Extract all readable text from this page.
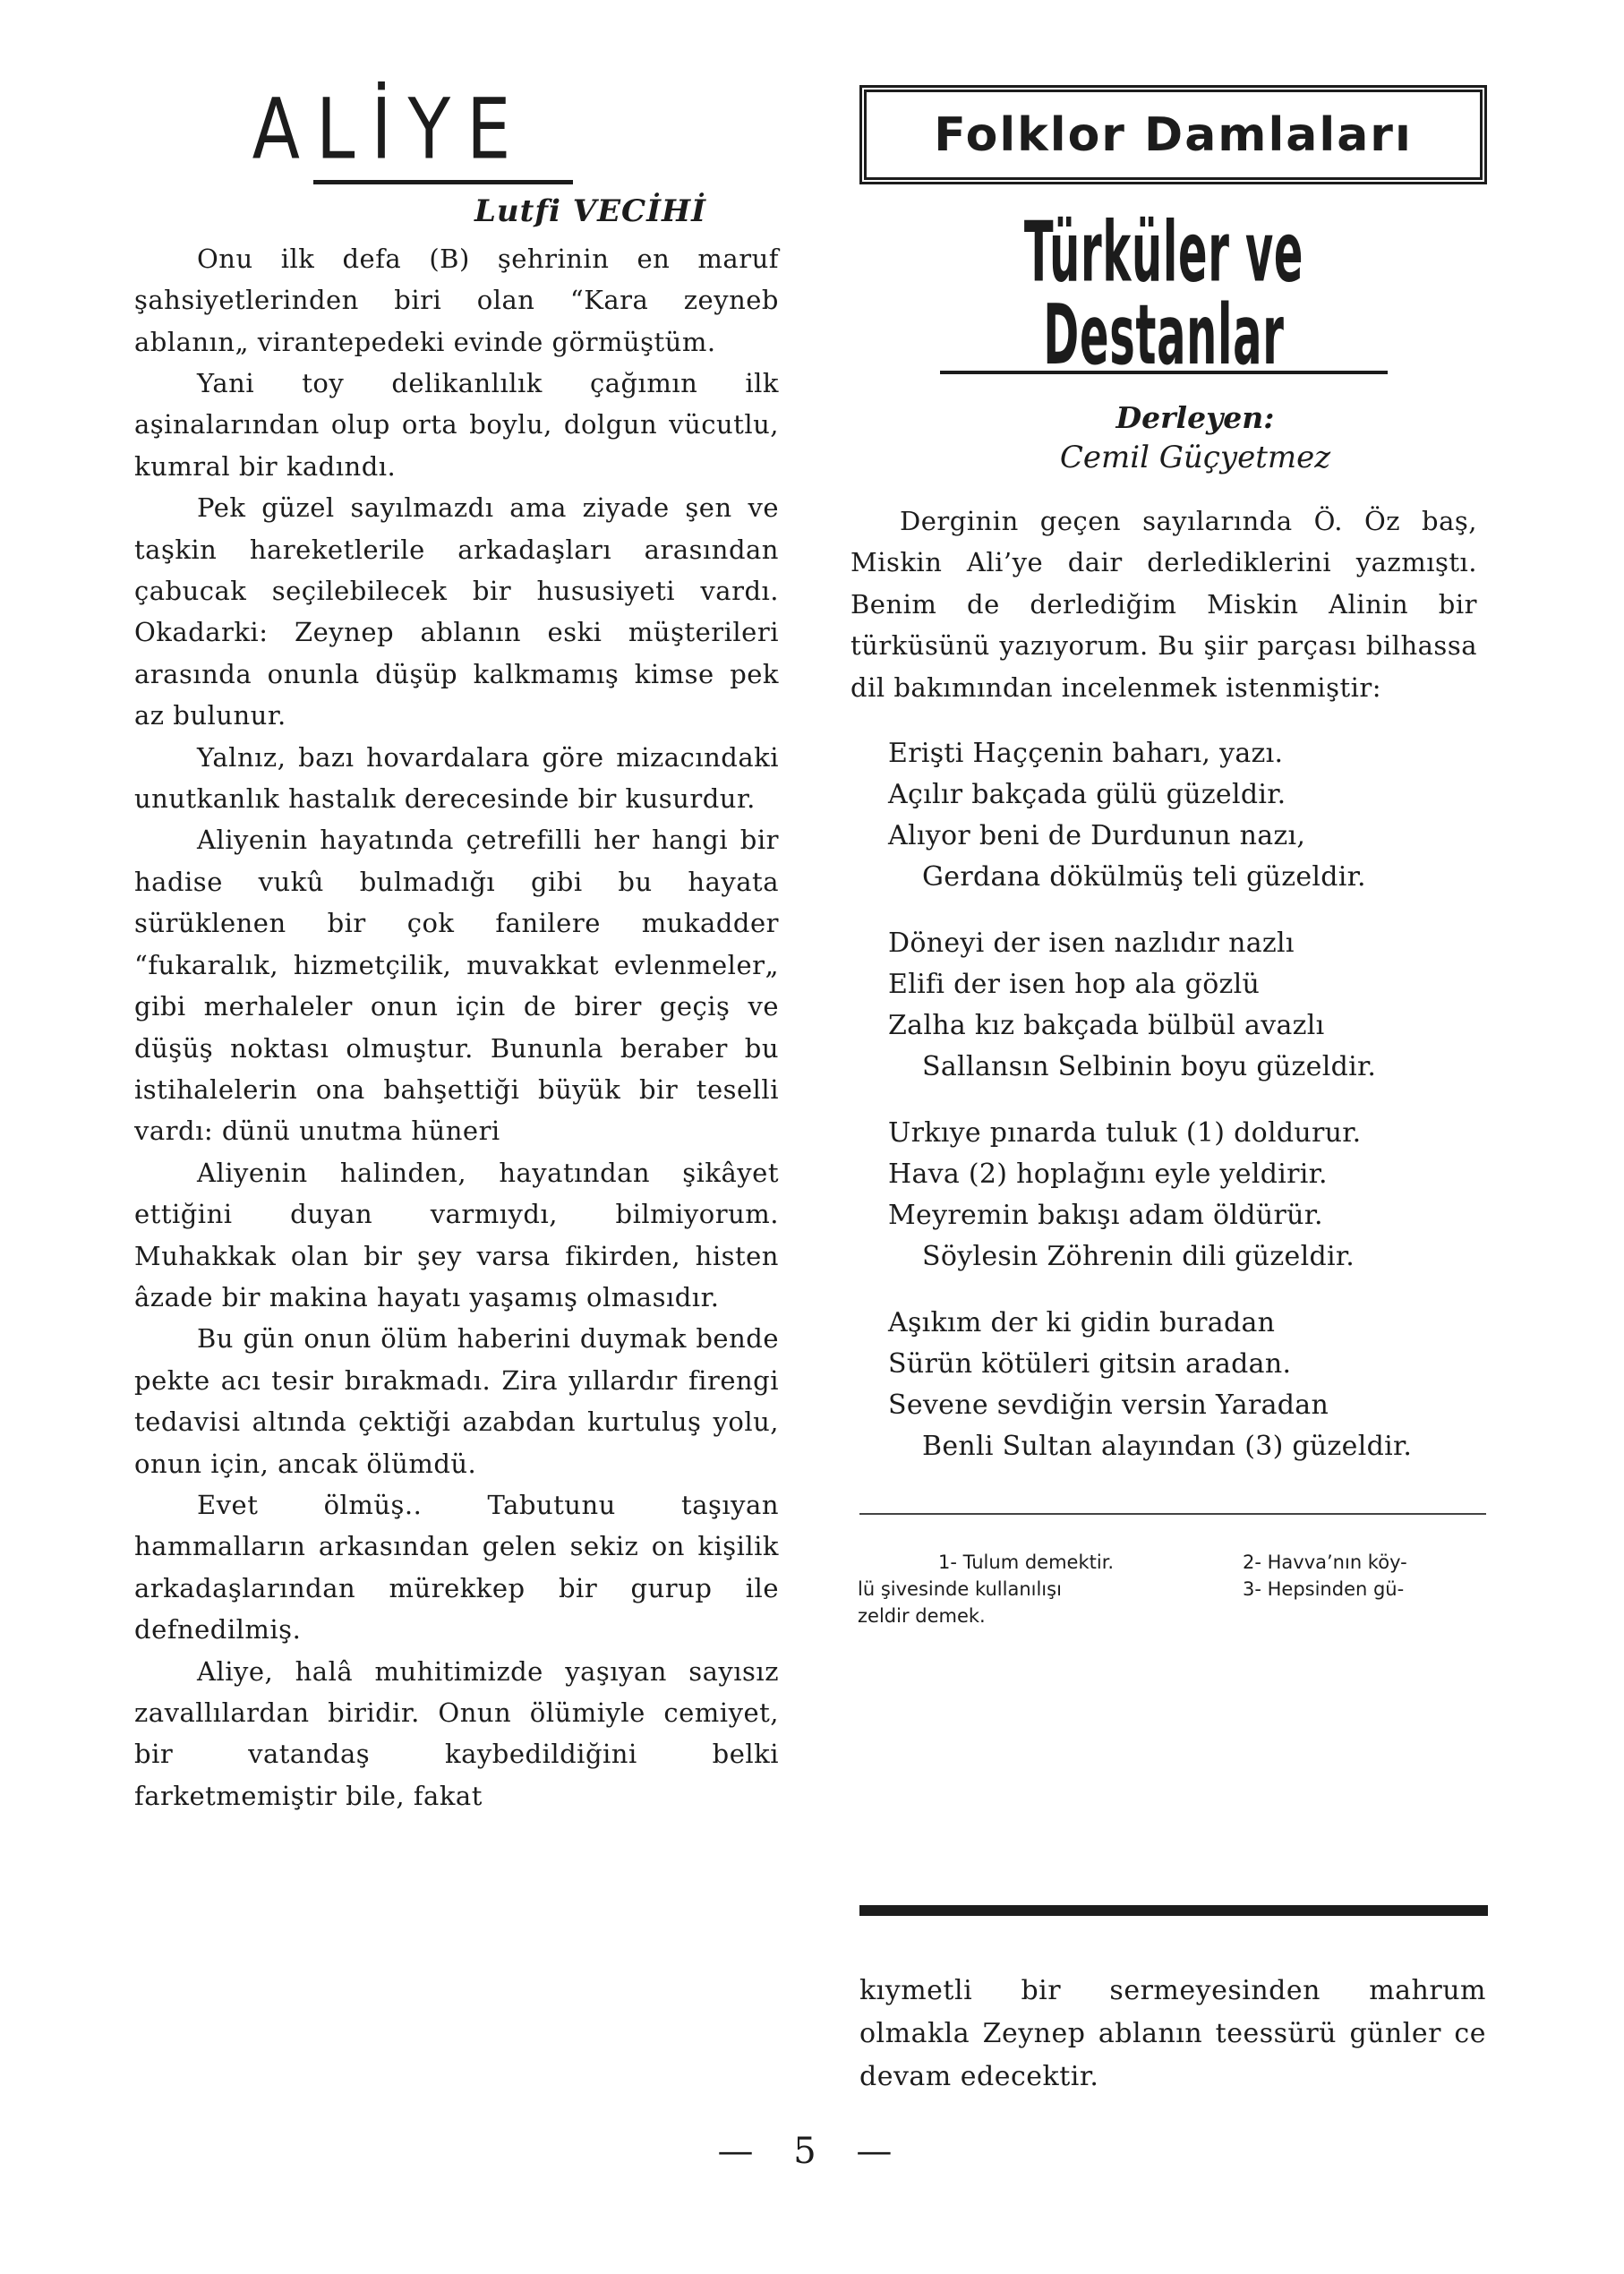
ALİYE
Lutfi VECİHİ

Onu ilk defa (B) şehrinin en maruf şahsiyetlerinden biri olan “Kara zeyneb ablanın„ virantepedeki evinde görmüştüm.

Yani toy delikanlılık çağımın ilk aşinalarından olup orta boylu, dolgun vücutlu, kumral bir kadındı.

Pek güzel sayılmazdı ama ziyade şen ve taşkin hareketlerile arkadaşları arasından çabucak seçilebilecek bir hususiyeti vardı. Okadarki: Zeynep ablanın eski müşterileri arasında onunla düşüp kalkmamış kimse pek az bulunur.

Yalnız, bazı hovardalara göre mizacındaki unutkanlık hastalık derecesinde bir kusurdur.

Aliyenin hayatında çetrefilli her hangi bir hadise vukû bulmadığı gibi bu hayata sürüklenen bir çok fanilere mukadder “fukaralık, hizmetçilik, muvakkat evlenmeler„ gibi merhaleler onun için de birer geçiş ve düşüş noktası olmuştur. Bununla beraber bu istihalelerin ona bahşettiği büyük bir teselli vardı: dünü unutma hüneri

Aliyenin halinden, hayatından şikâyet ettiğini duyan varmıydı, bilmiyorum. Muhakkak olan bir şey varsa fikirden, histen âzade bir makina hayatı yaşamış olmasıdır.

Bu gün onun ölüm haberini duymak bende pekte acı tesir bırakmadı. Zira yıllardır firengi tedavisi altında çektiği azabdan kurtuluş yolu, onun için, ancak ölümdü.

Evet ölmüş.. Tabutunu taşıyan hammalların arkasından gelen sekiz on kişilik arkadaşlarından mürekkep bir gurup ile defnedilmiş.

Aliye, halâ muhitimizde yaşıyan sayısız zavallılardan biridir. Onun ölümiyle cemiyet, bir vatandaş kaybedildiğini belki farketmemiştir bile, fakat

Folklor Damlaları
Türküler ve Destanlar
Derleyen:
Cemil Güçyetmez

Derginin geçen sayılarında Ö. Öz baş, Miskin Ali’ye dair derlediklerini yazmıştı. Benim de derlediğim Miskin Alinin bir türküsünü yazıyorum. Bu şiir parçası bilhassa dil bakımından incelenmek istenmiştir:

Erişti Haççenin baharı, yazı.

Açılır bakçada gülü güzeldir.

Alıyor beni de Durdunun nazı,

Gerdana dökülmüş teli güzeldir.

Döneyi der isen nazlıdır nazlı

Elifi der isen hop ala gözlü

Zalha kız bakçada bülbül avazlı

Sallansın Selbinin boyu güzeldir.

Urkıye pınarda tuluk (1) doldurur.

Hava (2) hoplağını eyle yeldirir.

Meyremin bakışı adam öldürür.

Söylesin Zöhrenin dili güzeldir.

Aşıkım der ki gidin buradan

Sürün kötüleri gitsin aradan.

Sevene sevdiğin versin Yaradan

Benli Sultan alayından (3) güzeldir.

1- Tulum demektir.	2- Havva’nın köy-
lü şivesinde kullanılışı	3- Hepsinden gü-
zeldir demek.

kıymetli bir sermeyesinden mahrum olmakla Zeynep ablanın teessürü günler ce devam edecektir.

— 5 —
